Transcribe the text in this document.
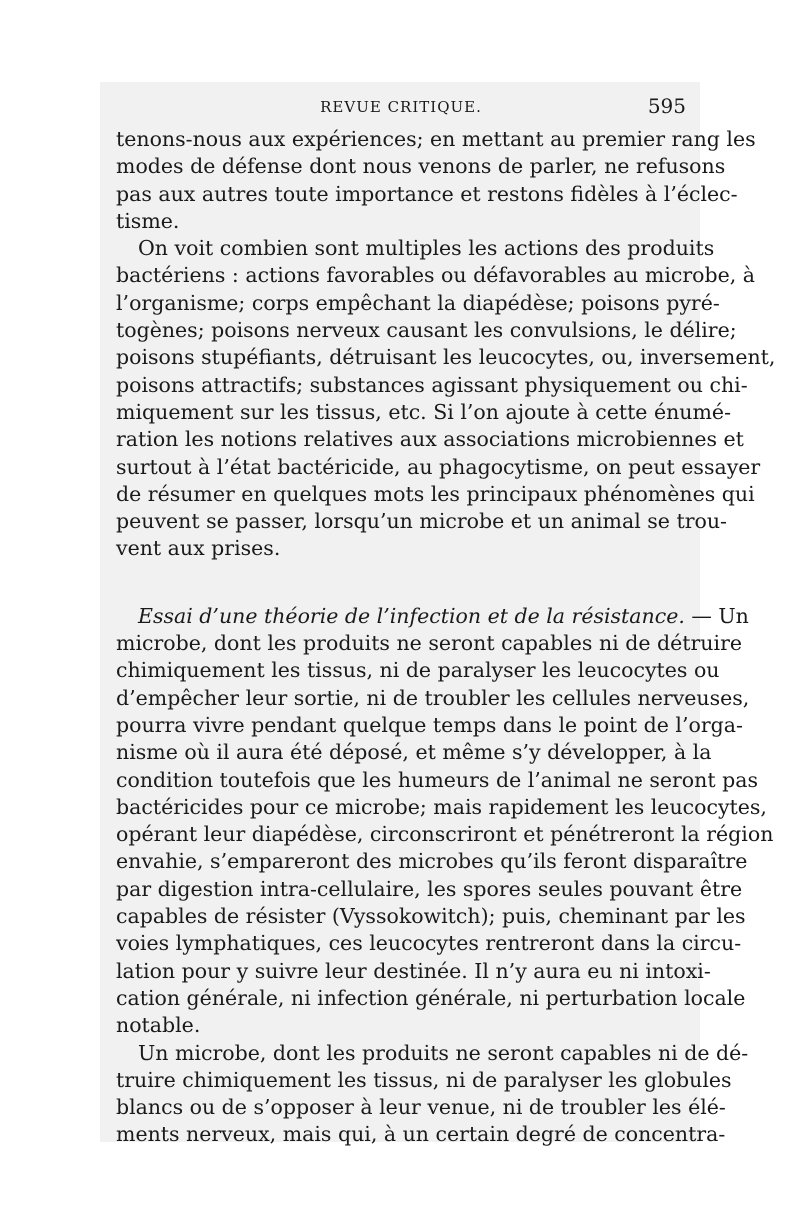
REVUE CRITIQUE.	595
tenons-nous aux expériences; en mettant au premier rang les
modes de défense dont nous venons de parler, ne refusons
pas aux autres toute importance et restons fidèles à l’éclec-
tisme.
On voit combien sont multiples les actions des produits
bactériens : actions favorables ou défavorables au microbe, à
l’organisme; corps empêchant la diapédèse; poisons pyré-
togènes; poisons nerveux causant les convulsions, le délire;
poisons stupéfiants, détruisant les leucocytes, ou, inversement,
poisons attractifs; substances agissant physiquement ou chi-
miquement sur les tissus, etc. Si l’on ajoute à cette énumé-
ration les notions relatives aux associations microbiennes et
surtout à l’état bactéricide, au phagocytisme, on peut essayer
de résumer en quelques mots les principaux phénomènes qui
peuvent se passer, lorsqu’un microbe et un animal se trou-
vent aux prises.
Essai d’une théorie de l’infection et de la résistance. — Un
microbe, dont les produits ne seront capables ni de détruire
chimiquement les tissus, ni de paralyser les leucocytes ou
d’empêcher leur sortie, ni de troubler les cellules nerveuses,
pourra vivre pendant quelque temps dans le point de l’orga-
nisme où il aura été déposé, et même s’y développer, à la
condition toutefois que les humeurs de l’animal ne seront pas
bactéricides pour ce microbe; mais rapidement les leucocytes,
opérant leur diapédèse, circonscriront et pénétreront la région
envahie, s’empareront des microbes qu’ils feront disparaître
par digestion intra-cellulaire, les spores seules pouvant être
capables de résister (Vyssokowitch); puis, cheminant par les
voies lymphatiques, ces leucocytes rentreront dans la circu-
lation pour y suivre leur destinée. Il n’y aura eu ni intoxi-
cation générale, ni infection générale, ni perturbation locale
notable.
Un microbe, dont les produits ne seront capables ni de dé-
truire chimiquement les tissus, ni de paralyser les globules
blancs ou de s’opposer à leur venue, ni de troubler les élé-
ments nerveux, mais qui, à un certain degré de concentra-
